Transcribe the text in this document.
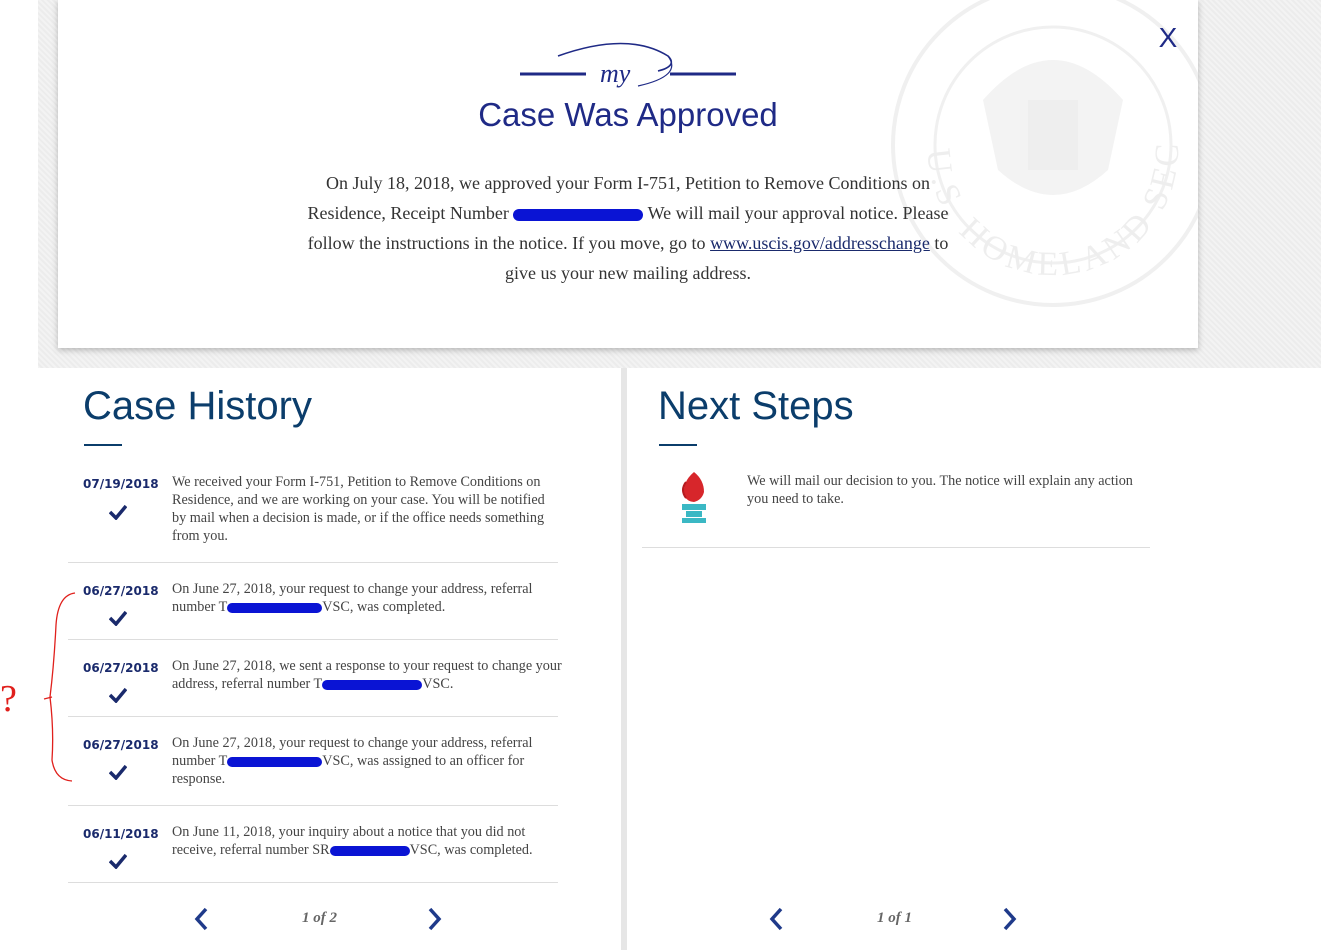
U.S. HOMELAND SEC
X
my
Case Was Approved
On July 18, 2018, we approved your Form I-751, Petition to Remove Conditions on Residence, Receipt Number	We will mail your approval notice. Please follow the instructions in the notice. If you move, go to www.uscis.gov/addresschange to give us your new mailing address.
Case History
07/19/2018 We received your Form I-751, Petition to Remove Conditions on Residence, and we are working on your case. You will be notified by mail when a decision is made, or if the office needs something from you.
06/27/2018 On June 27, 2018, your request to change your address, referral number T	VSC, was completed.
06/27/2018 On June 27, 2018, we sent a response to your request to change your address, referral number T	VSC.
06/27/2018 On June 27, 2018, your request to change your address, referral number T	VSC, was assigned to an officer for response.
06/11/2018 On June 11, 2018, your inquiry about a notice that you did not receive, referral number SR	VSC, was completed.
?
1 of 2
Next Steps
We will mail our decision to you. The notice will explain any action you need to take.
1 of 1
